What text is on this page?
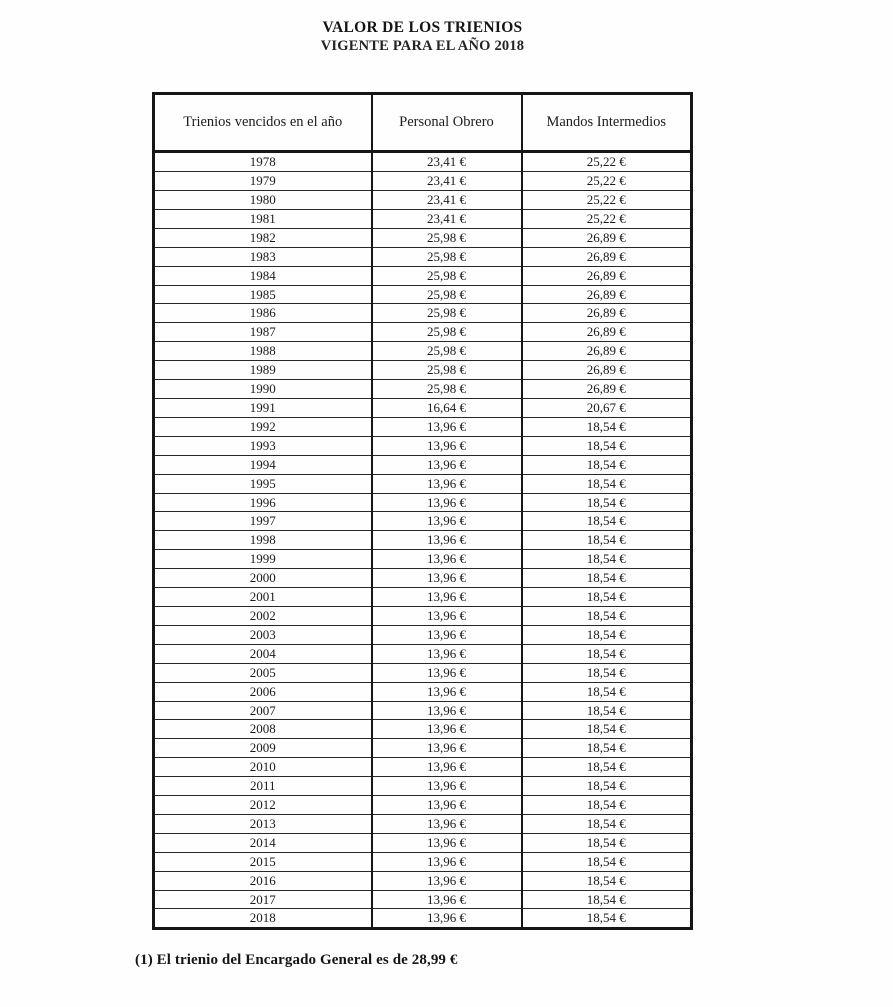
VALOR DE LOS TRIENIOS
VIGENTE PARA EL AÑO 2018
Trienios vencidos en el año	Personal Obrero	Mandos Intermedios
1978	23,41 €	25,22 €
1979	23,41 €	25,22 €
1980	23,41 €	25,22 €
1981	23,41 €	25,22 €
1982	25,98 €	26,89 €
1983	25,98 €	26,89 €
1984	25,98 €	26,89 €
1985	25,98 €	26,89 €
1986	25,98 €	26,89 €
1987	25,98 €	26,89 €
1988	25,98 €	26,89 €
1989	25,98 €	26,89 €
1990	25,98 €	26,89 €
1991	16,64 €	20,67 €
1992	13,96 €	18,54 €
1993	13,96 €	18,54 €
1994	13,96 €	18,54 €
1995	13,96 €	18,54 €
1996	13,96 €	18,54 €
1997	13,96 €	18,54 €
1998	13,96 €	18,54 €
1999	13,96 €	18,54 €
2000	13,96 €	18,54 €
2001	13,96 €	18,54 €
2002	13,96 €	18,54 €
2003	13,96 €	18,54 €
2004	13,96 €	18,54 €
2005	13,96 €	18,54 €
2006	13,96 €	18,54 €
2007	13,96 €	18,54 €
2008	13,96 €	18,54 €
2009	13,96 €	18,54 €
2010	13,96 €	18,54 €
2011	13,96 €	18,54 €
2012	13,96 €	18,54 €
2013	13,96 €	18,54 €
2014	13,96 €	18,54 €
2015	13,96 €	18,54 €
2016	13,96 €	18,54 €
2017	13,96 €	18,54 €
2018	13,96 €	18,54 €
(1) El trienio del Encargado General es de 28,99 €
